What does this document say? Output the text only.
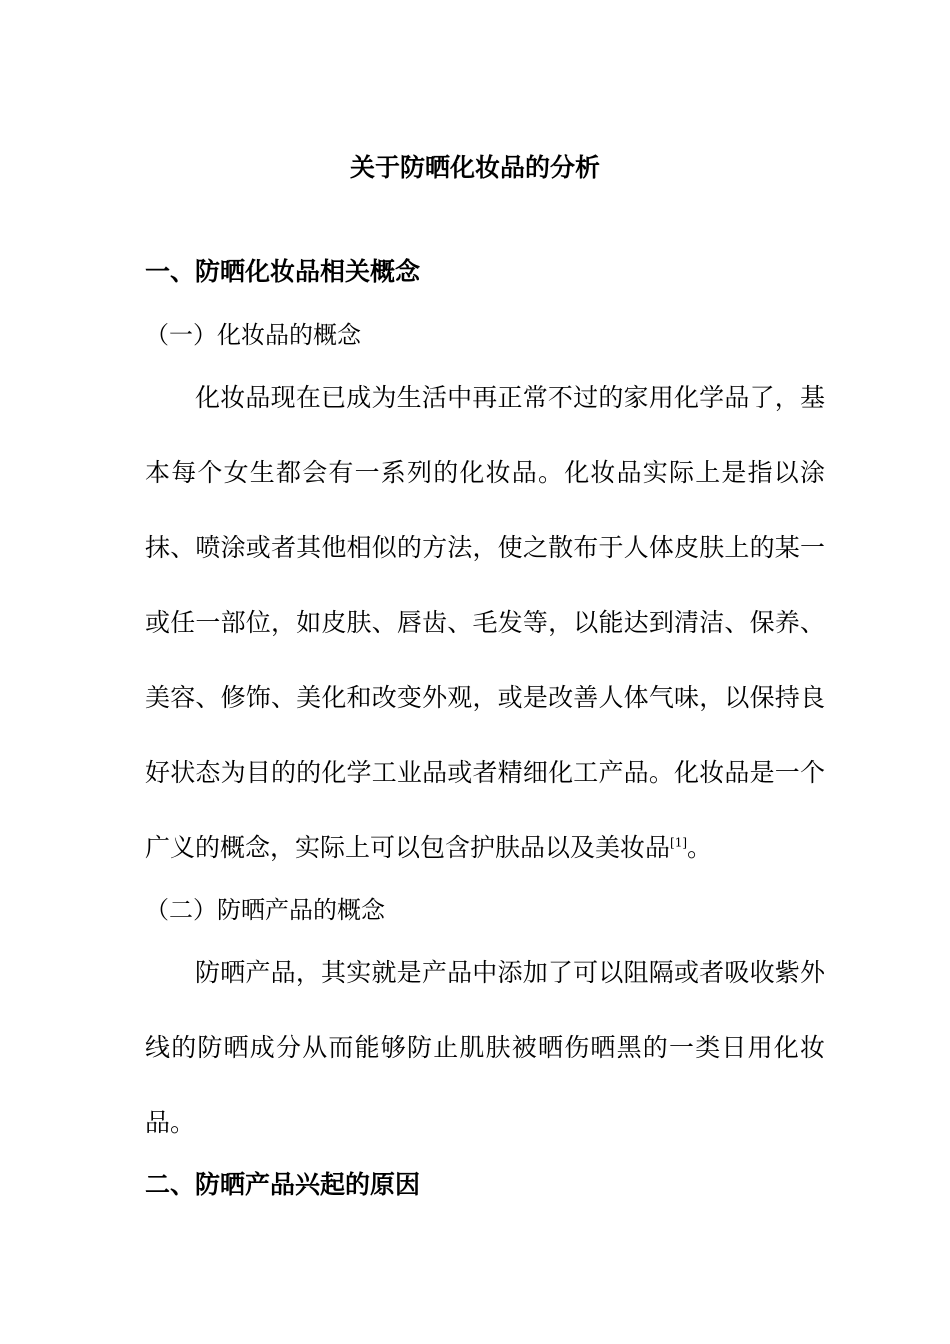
关于防晒化妆品的分析
一、防晒化妆品相关概念
（一）化妆品的概念

化妆品现在已成为生活中再正常不过的家用化学品了，基本每个女生都会有一系列的化妆品。化妆品实际上是指以涂抹、喷涂或者其他相似的方法，使之散布于人体皮肤上的某一或任一部位，如皮肤、唇齿、毛发等，以能达到清洁、保养、美容、修饰、美化和改变外观，或是改善人体气味，以保持良好状态为目的的化学工业品或者精细化工产品。化妆品是一个广义的概念，实际上可以包含护肤品以及美妆品[1]。

（二）防晒产品的概念

防晒产品，其实就是产品中添加了可以阻隔或者吸收紫外线的防晒成分从而能够防止肌肤被晒伤晒黑的一类日用化妆品。

二、防晒产品兴起的原因
